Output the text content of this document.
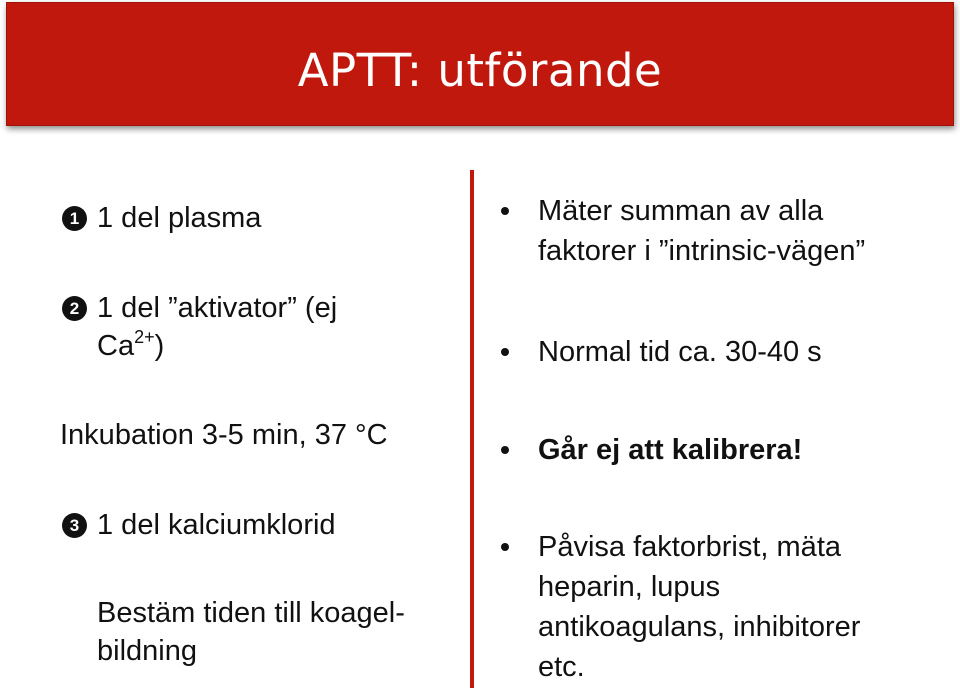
APTT: utförande
1 1 del plasma
2 1 del ”aktivator” (ej
$Ca^{2+}$)
Inkubation 3-5 min, 37 °C
3 1 del kalciumklorid
Bestäm tiden till koagel-
bildning
Mäter summan av alla
faktorer i ”intrinsic-vägen”
Normal tid ca. 30-40 s
Går ej att kalibrera!
Påvisa faktorbrist, mäta
heparin, lupus
antikoagulans, inhibitorer
etc.
